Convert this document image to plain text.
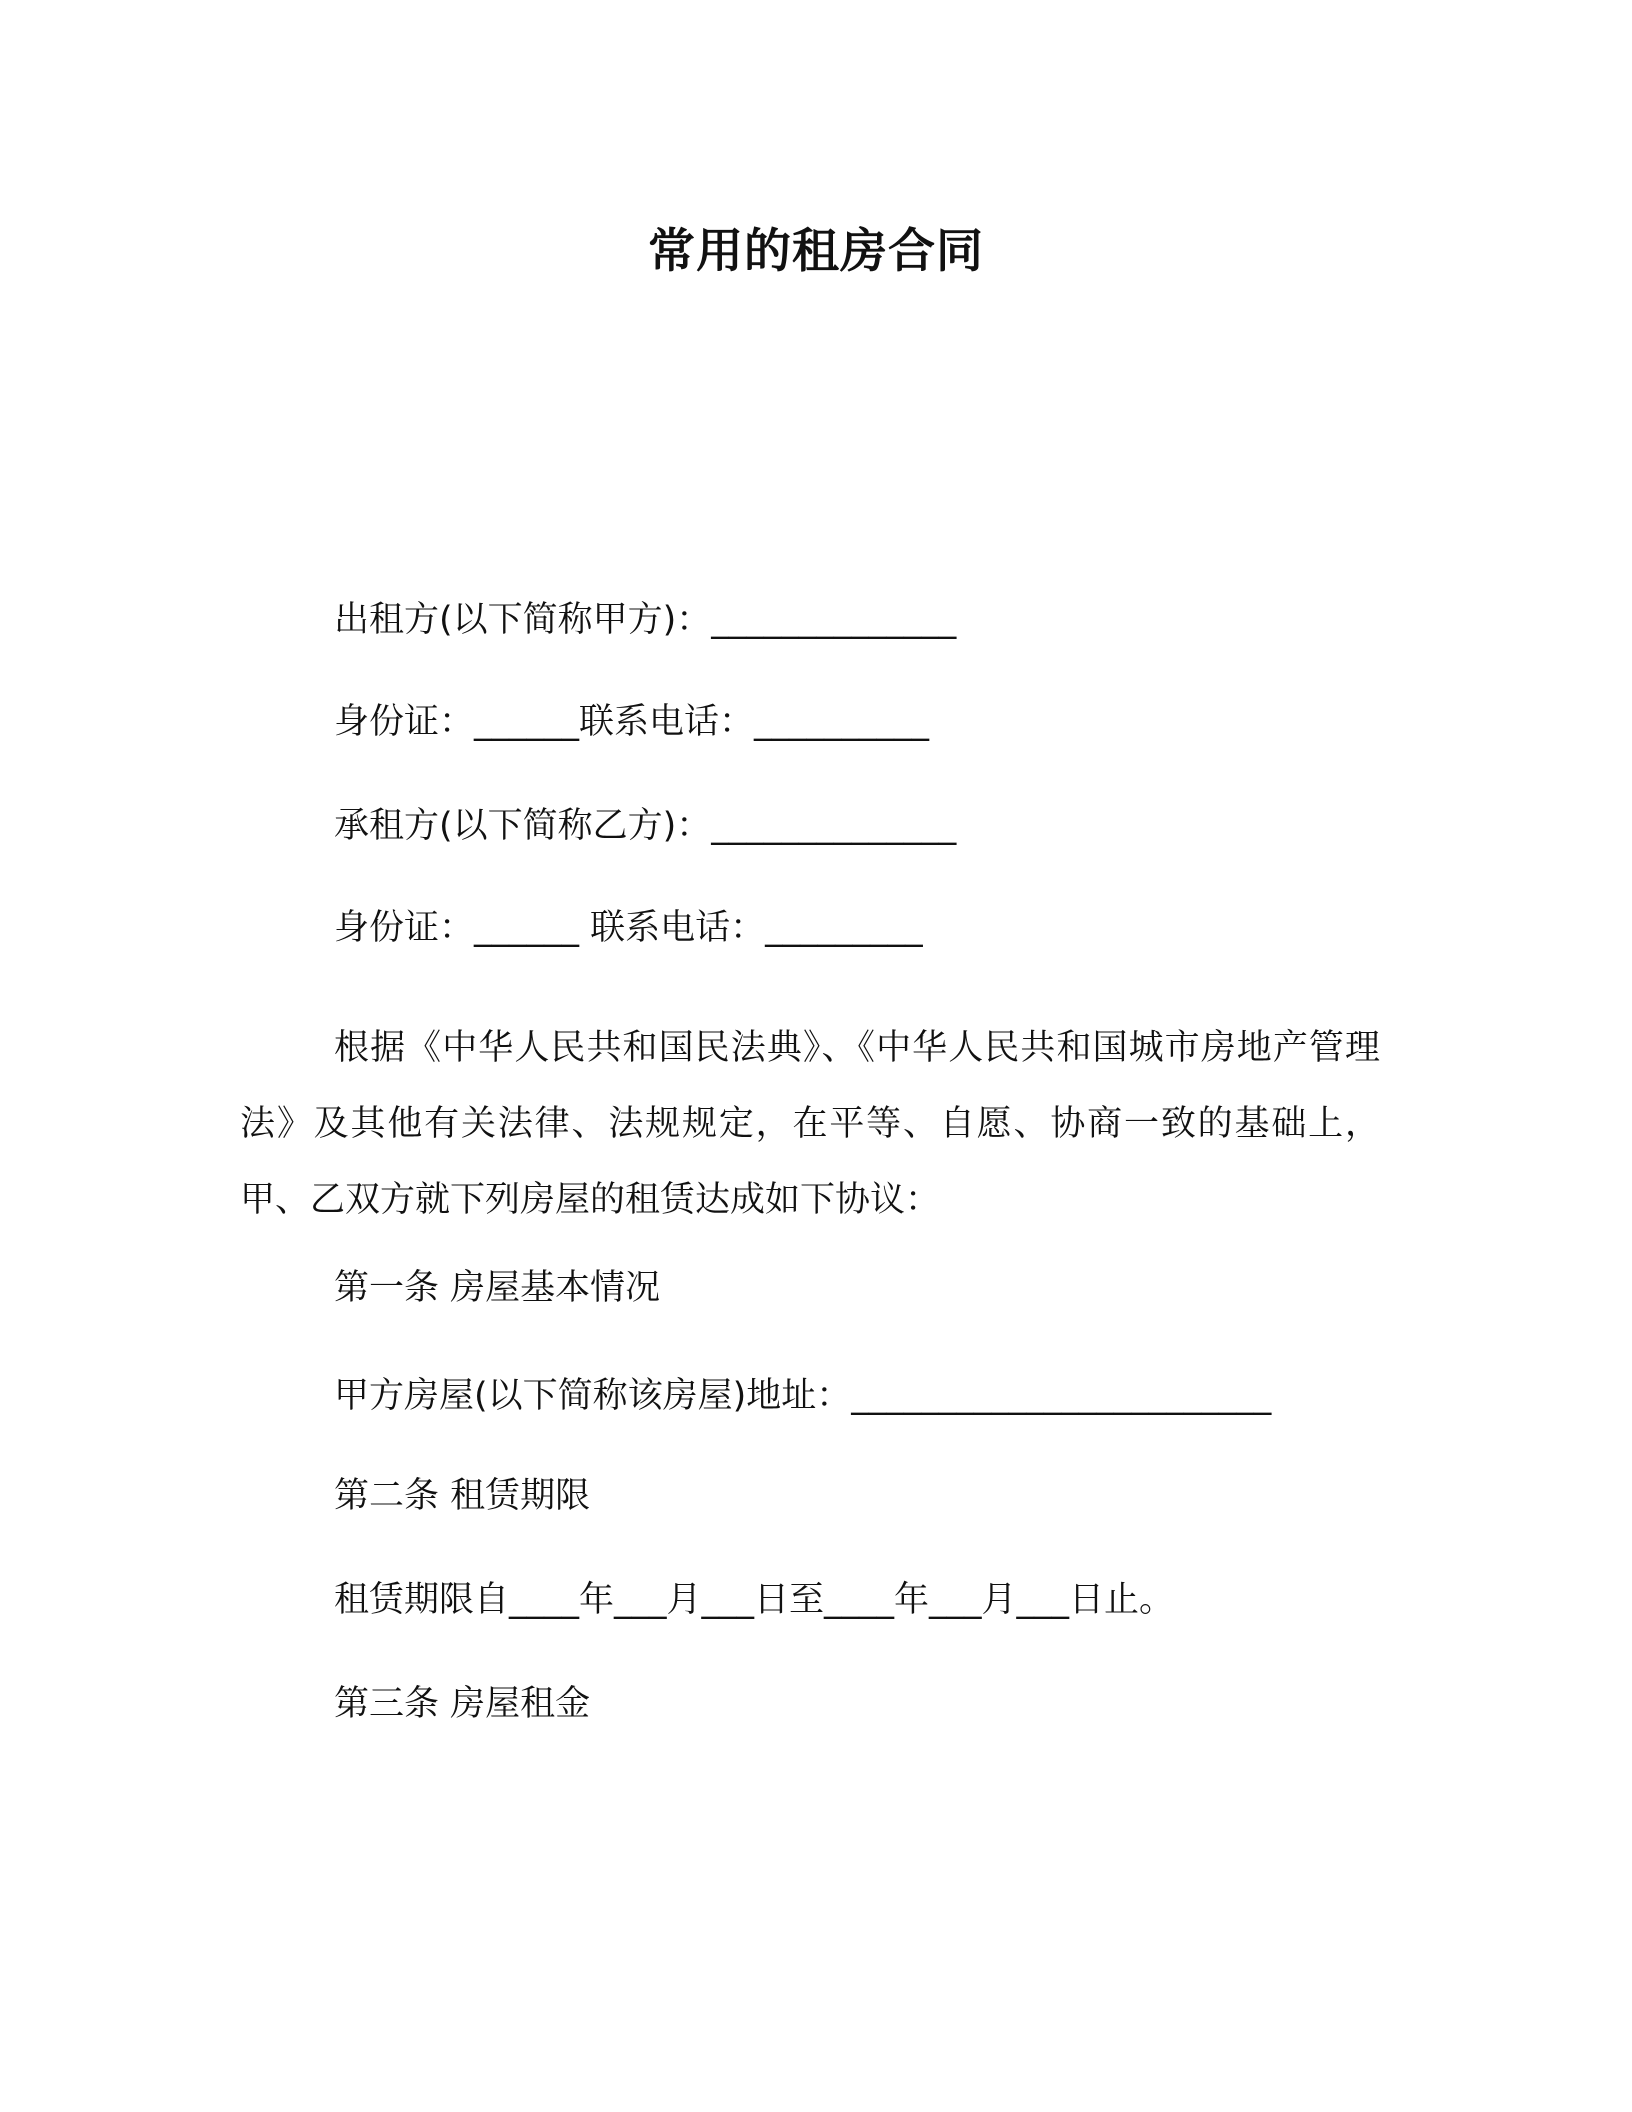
常用的租房合同
出租方(以下简称甲方)：______________
身份证：______联系电话：__________
承租方(以下简称乙方)：______________
身份证：______ 联系电话：_________
根据《中华人民共和国民法典》、《中华人民共和国城市房地产管理法》及其他有关法律、法规规定，在平等、自愿、协商一致的基础上，甲、乙双方就下列房屋的租赁达成如下协议：
第一条 房屋基本情况
甲方房屋(以下简称该房屋)地址：________________________
第二条 租赁期限
租赁期限自____年___月___日至____年___月___日止。
第三条 房屋租金
